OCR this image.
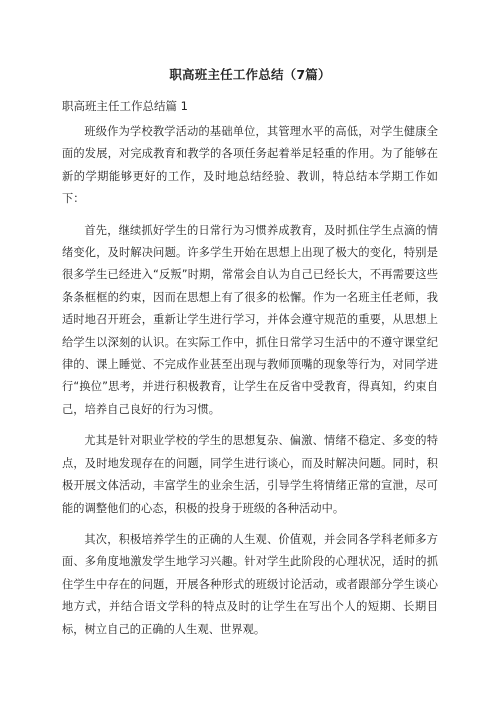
职高班主任工作总结（7篇）
职高班主任工作总结篇 1

班级作为学校教学活动的基础单位，其管理水平的高低，对学生健康全面的发展，对完成教育和教学的各项任务起着举足轻重的作用。为了能够在新的学期能够更好的工作，及时地总结经验、教训，特总结本学期工作如下：

首先，继续抓好学生的日常行为习惯养成教育，及时抓住学生点滴的情绪变化，及时解决问题。许多学生开始在思想上出现了极大的变化，特别是很多学生已经进入“反叛”时期，常常会自认为自己已经长大，不再需要这些条条框框的约束，因而在思想上有了很多的松懈。作为一名班主任老师，我适时地召开班会，重新让学生进行学习，并体会遵守规范的重要，从思想上给学生以深刻的认识。在实际工作中，抓住日常学习生活中的不遵守课堂纪律的、课上睡觉、不完成作业甚至出现与教师顶嘴的现象等行为，对同学进行“换位”思考，并进行积极教育，让学生在反省中受教育，得真知，约束自己，培养自己良好的行为习惯。

尤其是针对职业学校的学生的思想复杂、偏激、情绪不稳定、多变的特点，及时地发现存在的问题，同学生进行谈心，而及时解决问题。同时，积极开展文体活动，丰富学生的业余生活，引导学生将情绪正常的宣泄，尽可能的调整他们的心态，积极的投身于班级的各种活动中。

其次，积极培养学生的正确的人生观、价值观，并会同各学科老师多方面、多角度地激发学生地学习兴趣。针对学生此阶段的心理状况，适时的抓住学生中存在的问题，开展各种形式的班级讨论活动，或者跟部分学生谈心地方式，并结合语文学科的特点及时的让学生在写出个人的短期、长期目标，树立自己的正确的人生观、世界观。
